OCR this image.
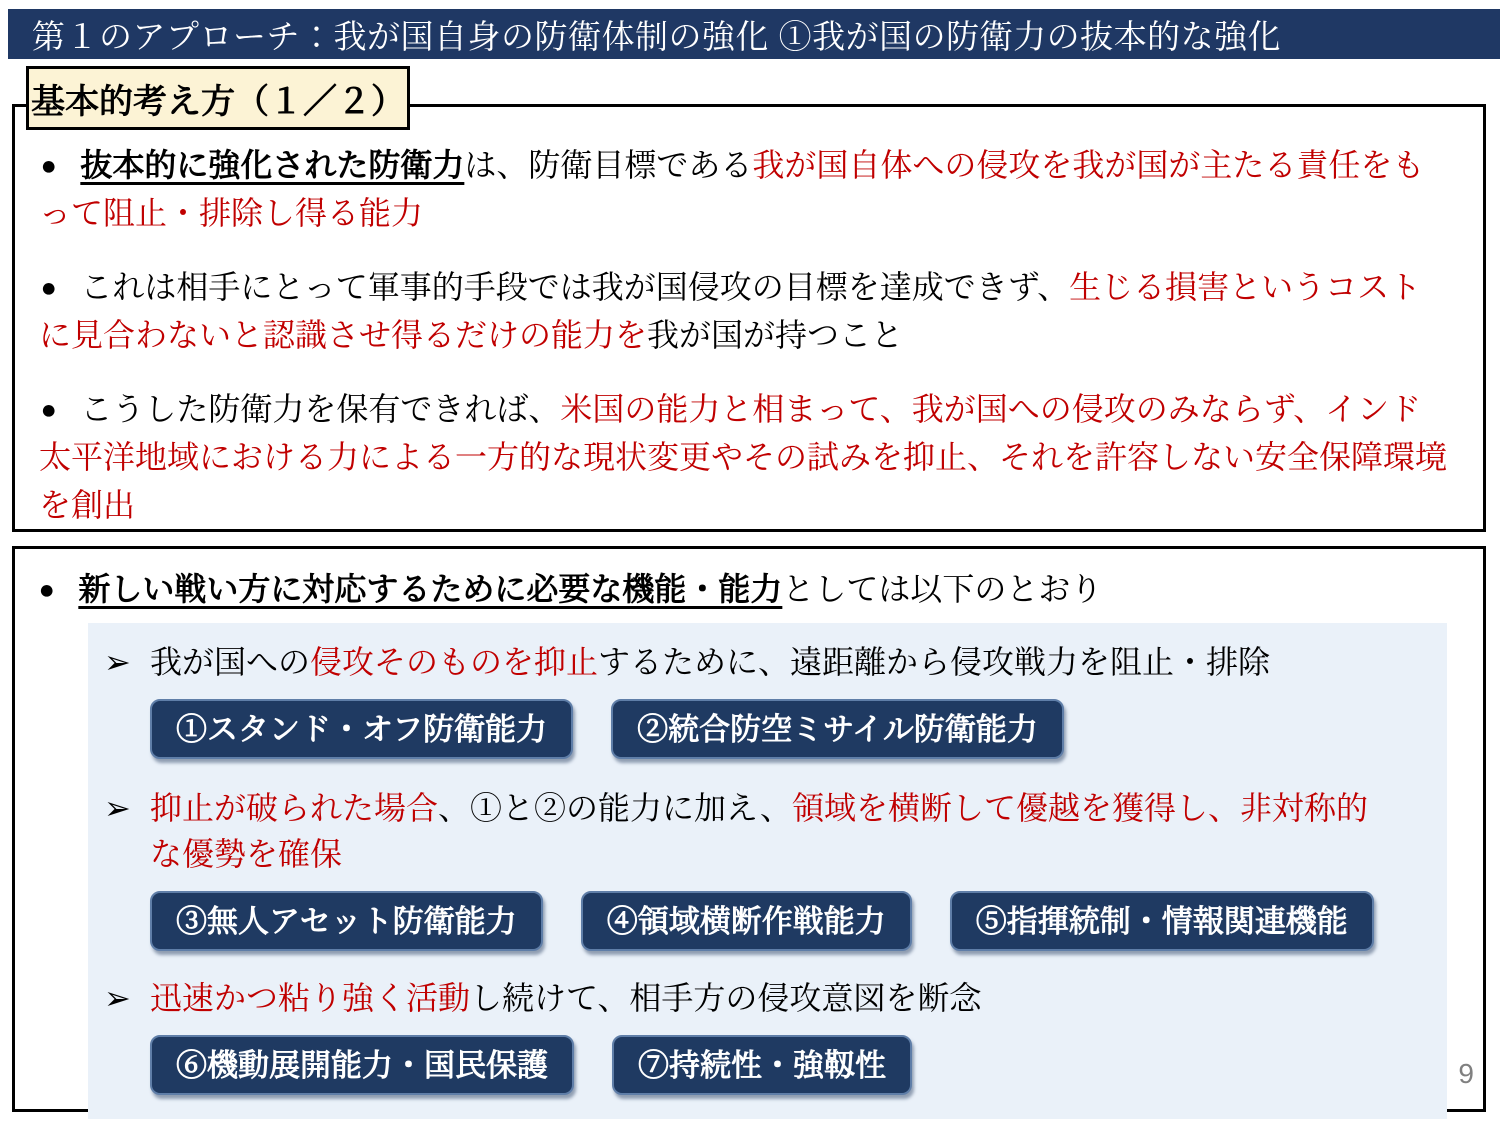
第１のアプローチ：我が国自身の防衛体制の強化 ①我が国の防衛力の抜本的な強化
基本的考え方（１／２）
● 抜本的に強化された防衛力は、防衛目標である我が国自体への侵攻を我が国が主たる責任をもって阻止・排除し得る能力
● これは相手にとって軍事的手段では我が国侵攻の目標を達成できず、生じる損害というコストに見合わないと認識させ得るだけの能力を我が国が持つこと
● こうした防衛力を保有できれば、米国の能力と相まって、我が国への侵攻のみならず、インド太平洋地域における力による一方的な現状変更やその試みを抑止、それを許容しない安全保障環境を創出
● 新しい戦い方に対応するために必要な機能・能力としては以下のとおり
➢ 我が国への侵攻そのものを抑止するために、遠距離から侵攻戦力を阻止・排除
①スタンド・オフ防衛能力	②統合防空ミサイル防衛能力
➢ 抑止が破られた場合、①と②の能力に加え、領域を横断して優越を獲得し、非対称的な優勢を確保
③無人アセット防衛能力	④領域横断作戦能力	⑤指揮統制・情報関連機能
➢ 迅速かつ粘り強く活動し続けて、相手方の侵攻意図を断念
⑥機動展開能力・国民保護	⑦持続性・強靱性	9
